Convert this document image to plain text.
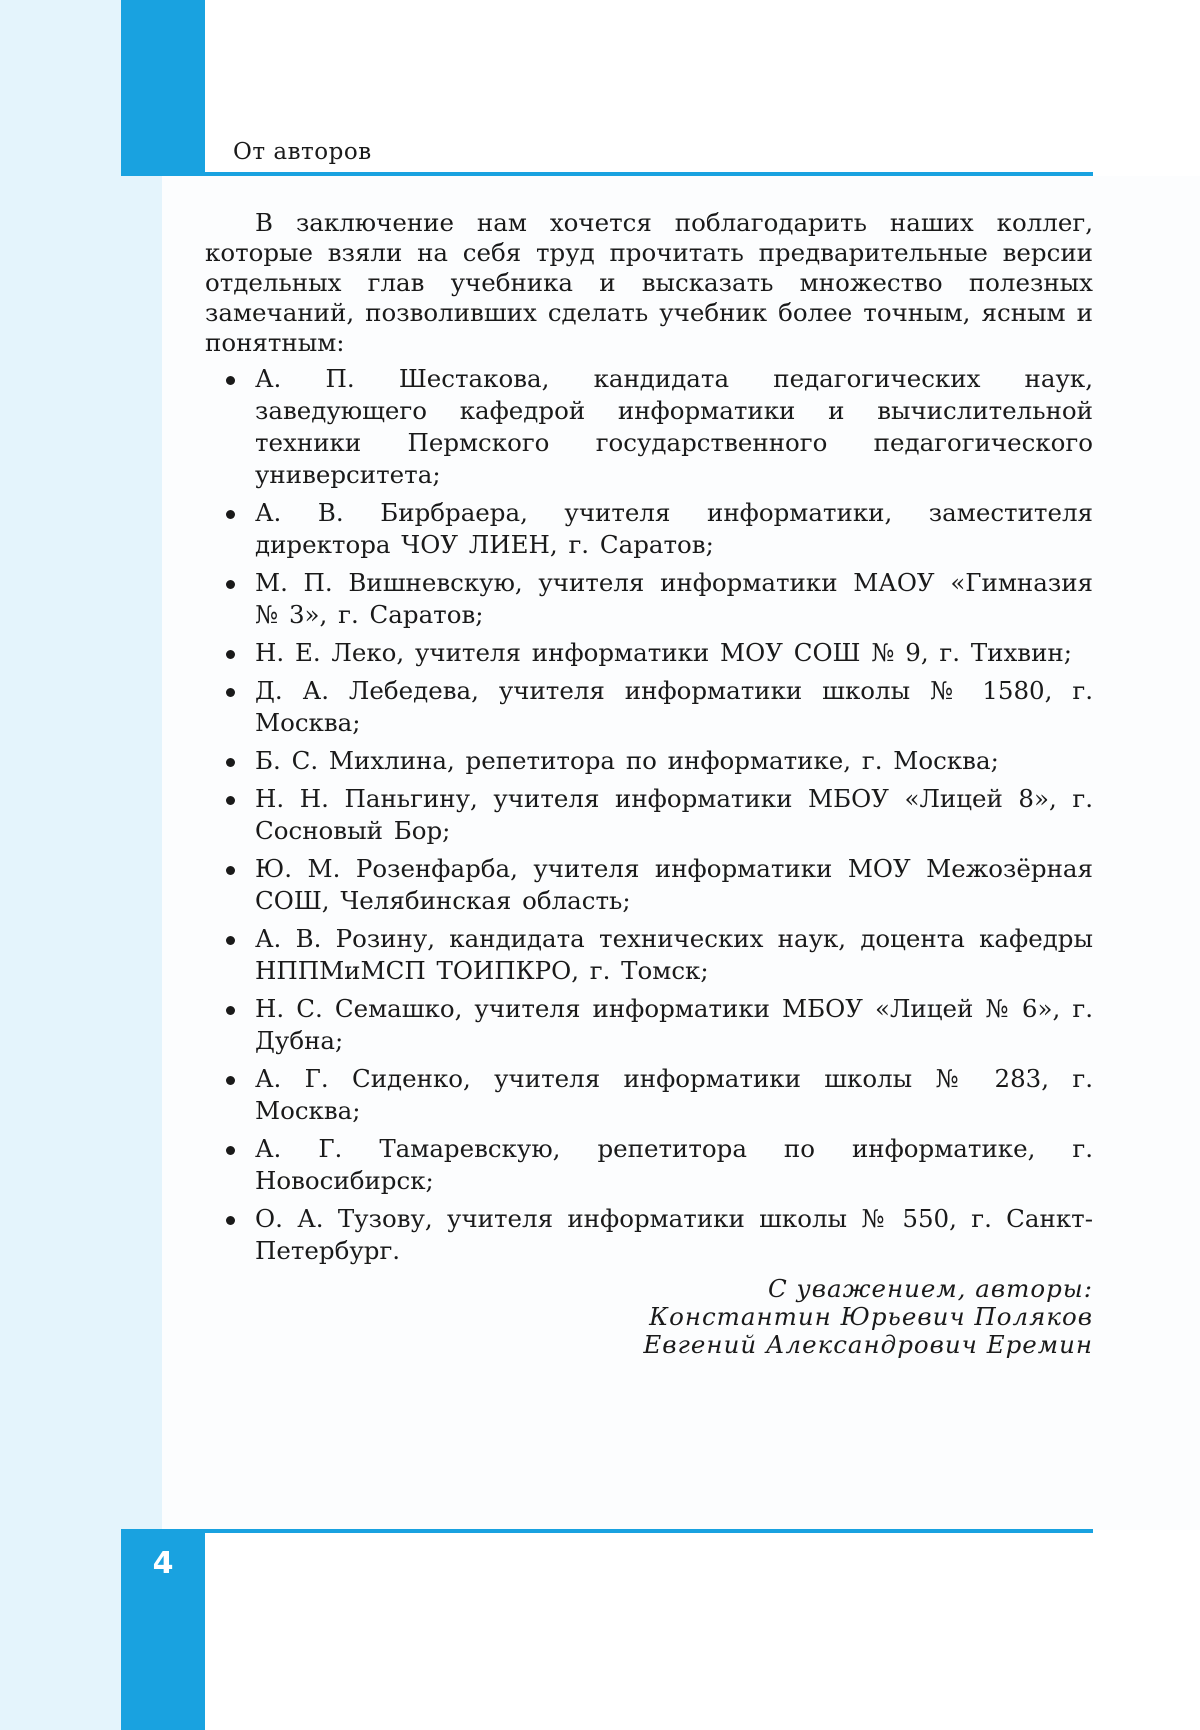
От авторов

В заключение нам хочется поблагодарить наших коллег, которые взяли на себя труд прочитать предварительные версии отдельных глав учебника и высказать множество полезных замечаний, позволивших сделать учебник более точным, ясным и понятным:

А. П. Шестакова, кандидата педагогических наук, заведующего кафедрой информатики и вычислительной техники Пермского государственного педагогического университета;
А. В. Бирбраера, учителя информатики, заместителя директора ЧОУ ЛИЕН, г. Саратов;
М. П. Вишневскую, учителя информатики МАОУ «Гимназия № 3», г. Саратов;
Н. Е. Леко, учителя информатики МОУ СОШ № 9, г. Тихвин;
Д. А. Лебедева, учителя информатики школы № 1580, г. Москва;
Б. С. Михлина, репетитора по информатике, г. Москва;
Н. Н. Паньгину, учителя информатики МБОУ «Лицей 8», г. Сосновый Бор;
Ю. М. Розенфарба, учителя информатики МОУ Межозёрная СОШ, Челябинская область;
А. В. Розину, кандидата технических наук, доцента кафедры НППМиМСП ТОИПКРО, г. Томск;
Н. С. Семашко, учителя информатики МБОУ «Лицей № 6», г. Дубна;
А. Г. Сиденко, учителя информатики школы № 283, г. Москва;
А. Г. Тамаревскую, репетитора по информатике, г. Новосибирск;
О. А. Тузову, учителя информатики школы № 550, г. Санкт-Петербург.
С уважением, авторы:
Константин Юрьевич Поляков
Евгений Александрович Еремин
4
